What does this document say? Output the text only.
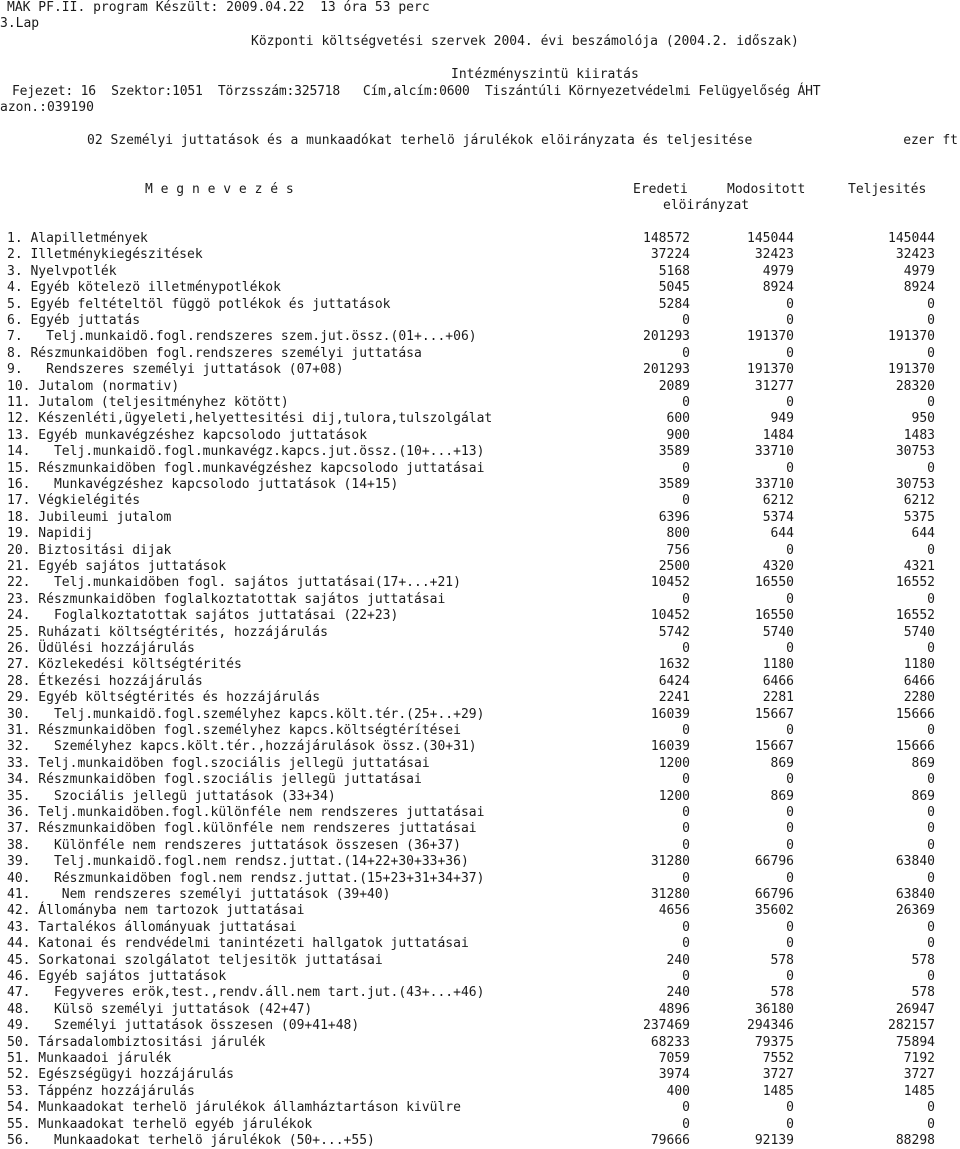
MÁK PF.II. program Készült: 2009.04.22  13 óra 53 perc
3.Lap
Központi költségvetési szervek 2004. évi beszámolója (2004.2. időszak)
Intézményszintü kiiratás
Fejezet: 16  Szektor:1051  Törzsszám:325718   Cím,alcím:0600  Tiszántúli Környezetvédelmi Felügyelőség ÁHT
azon.:039190
02 Személyi juttatások és a munkaadókat terhelö járulékok elöirányzata és teljesitése	ezer ft
M e g n e v e z é s	Eredeti	Modositott	Teljesités
elöirányzat
1. Alapilletmények	148572	145044	145044
2. Illetménykiegészitések	37224	32423	32423
3. Nyelvpotlék	5168	4979	4979
4. Egyéb kötelezö illetménypotlékok	5045	8924	8924
5. Egyéb feltételtöl függö potlékok és juttatások	5284	0	0
6. Egyéb juttatás	0	0	0
7.   Telj.munkaidö.fogl.rendszeres szem.jut.össz.(01+...+06)	201293	191370	191370
8. Részmunkaidöben fogl.rendszeres személyi juttatása	0	0	0
9.   Rendszeres személyi juttatások (07+08)	201293	191370	191370
10. Jutalom (normativ)	2089	31277	28320
11. Jutalom (teljesitményhez kötött)	0	0	0
12. Készenléti,ügyeleti,helyettesitési dij,tulora,tulszolgálat	600	949	950
13. Egyéb munkavégzéshez kapcsolodo juttatások	900	1484	1483
14.   Telj.munkaidö.fogl.munkavégz.kapcs.jut.össz.(10+...+13)	3589	33710	30753
15. Részmunkaidöben fogl.munkavégzéshez kapcsolodo juttatásai	0	0	0
16.   Munkavégzéshez kapcsolodo juttatások (14+15)	3589	33710	30753
17. Végkielégités	0	6212	6212
18. Jubileumi jutalom	6396	5374	5375
19. Napidij	800	644	644
20. Biztositási dijak	756	0	0
21. Egyéb sajátos juttatások	2500	4320	4321
22.   Telj.munkaidöben fogl. sajátos juttatásai(17+...+21)	10452	16550	16552
23. Részmunkaidöben foglalkoztatottak sajátos juttatásai	0	0	0
24.   Foglalkoztatottak sajátos juttatásai (22+23)	10452	16550	16552
25. Ruházati költségtérités, hozzájárulás	5742	5740	5740
26. Üdülési hozzájárulás	0	0	0
27. Közlekedési költségtérités	1632	1180	1180
28. Étkezési hozzájárulás	6424	6466	6466
29. Egyéb költségtérités és hozzájárulás	2241	2281	2280
30.   Telj.munkaidö.fogl.személyhez kapcs.költ.tér.(25+..+29)	16039	15667	15666
31. Részmunkaidöben fogl.személyhez kapcs.költségtérítései	0	0	0
32.   Személyhez kapcs.költ.tér.,hozzájárulások össz.(30+31)	16039	15667	15666
33. Telj.munkaidöben fogl.szociális jellegü juttatásai	1200	869	869
34. Részmunkaidöben fogl.szociális jellegü juttatásai	0	0	0
35.   Szociális jellegü juttatások (33+34)	1200	869	869
36. Telj.munkaidöben.fogl.különféle nem rendszeres juttatásai	0	0	0
37. Részmunkaidöben fogl.különféle nem rendszeres juttatásai	0	0	0
38.   Különféle nem rendszeres juttatások összesen (36+37)	0	0	0
39.   Telj.munkaidö.fogl.nem rendsz.juttat.(14+22+30+33+36)	31280	66796	63840
40.   Részmunkaidöben fogl.nem rendsz.juttat.(15+23+31+34+37)	0	0	0
41.    Nem rendszeres személyi juttatások (39+40)	31280	66796	63840
42. Állományba nem tartozok juttatásai	4656	35602	26369
43. Tartalékos állományuak juttatásai	0	0	0
44. Katonai és rendvédelmi tanintézeti hallgatok juttatásai	0	0	0
45. Sorkatonai szolgálatot teljesitök juttatásai	240	578	578
46. Egyéb sajátos juttatások	0	0	0
47.   Fegyveres erök,test.,rendv.áll.nem tart.jut.(43+...+46)	240	578	578
48.   Külsö személyi juttatások (42+47)	4896	36180	26947
49.   Személyi juttatások összesen (09+41+48)	237469	294346	282157
50. Társadalombiztositási járulék	68233	79375	75894
51. Munkaadoi járulék	7059	7552	7192
52. Egészségügyi hozzájárulás	3974	3727	3727
53. Táppénz hozzájárulás	400	1485	1485
54. Munkaadokat terhelö járulékok államháztartáson kivülre	0	0	0
55. Munkaadokat terhelö egyéb járulékok	0	0	0
56.   Munkaadokat terhelö járulékok (50+...+55)	79666	92139	88298
